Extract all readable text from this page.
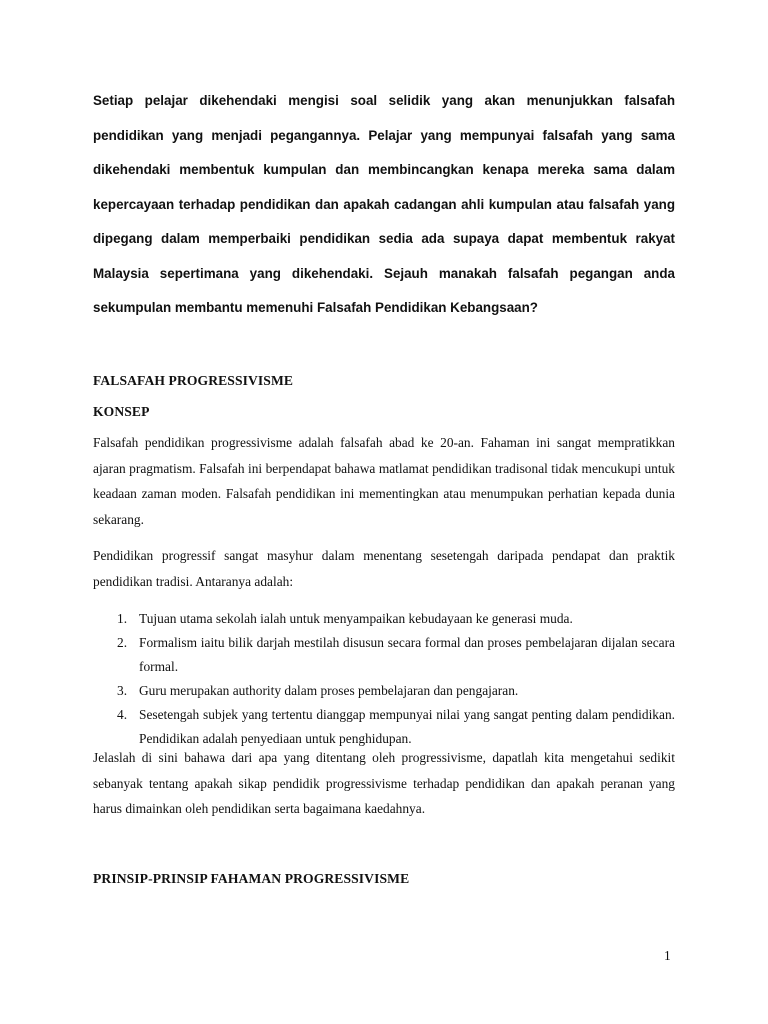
Setiap pelajar dikehendaki mengisi soal selidik yang akan menunjukkan falsafah pendidikan yang menjadi pegangannya. Pelajar yang mempunyai falsafah yang sama dikehendaki membentuk kumpulan dan membincangkan kenapa mereka sama dalam kepercayaan terhadap pendidikan dan apakah cadangan ahli kumpulan atau falsafah yang dipegang dalam memperbaiki pendidikan sedia ada supaya dapat membentuk rakyat Malaysia sepertimana yang dikehendaki. Sejauh manakah falsafah pegangan anda sekumpulan membantu memenuhi Falsafah Pendidikan Kebangsaan?

FALSAFAH PROGRESSIVISME
KONSEP

Falsafah pendidikan progressivisme adalah falsafah abad ke 20-an. Fahaman ini sangat mempratikkan ajaran pragmatism. Falsafah ini berpendapat bahawa matlamat pendidikan tradisonal tidak mencukupi untuk keadaan zaman moden. Falsafah pendidikan ini mementingkan atau menumpukan perhatian kepada dunia sekarang.

Pendidikan progressif sangat masyhur dalam menentang sesetengah daripada pendapat dan praktik pendidikan tradisi. Antaranya adalah:

1. Tujuan utama sekolah ialah untuk menyampaikan kebudayaan ke generasi muda.
2. Formalism iaitu bilik darjah mestilah disusun secara formal dan proses pembelajaran dijalan secara formal.
3. Guru merupakan authority dalam proses pembelajaran dan pengajaran.
4. Sesetengah subjek yang tertentu dianggap mempunyai nilai yang sangat penting dalam pendidikan. Pendidikan adalah penyediaan untuk penghidupan.

Jelaslah di sini bahawa dari apa yang ditentang oleh progressivisme, dapatlah kita mengetahui sedikit sebanyak tentang apakah sikap pendidik progressivisme terhadap pendidikan dan apakah peranan yang harus dimainkan oleh pendidikan serta bagaimana kaedahnya.

PRINSIP-PRINSIP FAHAMAN PROGRESSIVISME

1
